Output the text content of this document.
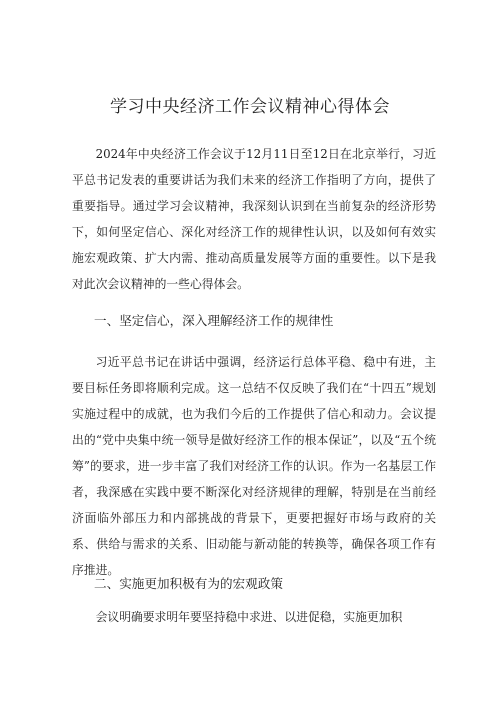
学习中央经济工作会议精神心得体会
2024年中央经济工作会议于12月11日至12日在北京举行，习近平总书记发表的重要讲话为我们未来的经济工作指明了方向，提供了重要指导。通过学习会议精神，我深刻认识到在当前复杂的经济形势下，如何坚定信心、深化对经济工作的规律性认识，以及如何有效实施宏观政策、扩大内需、推动高质量发展等方面的重要性。以下是我对此次会议精神的一些心得体会。
一、坚定信心，深入理解经济工作的规律性
习近平总书记在讲话中强调，经济运行总体平稳、稳中有进，主要目标任务即将顺利完成。这一总结不仅反映了我们在“十四五”规划实施过程中的成就，也为我们今后的工作提供了信心和动力。会议提出的“党中央集中统一领导是做好经济工作的根本保证”，以及“五个统筹”的要求，进一步丰富了我们对经济工作的认识。作为一名基层工作者，我深感在实践中要不断深化对经济规律的理解，特别是在当前经济面临外部压力和内部挑战的背景下，更要把握好市场与政府的关系、供给与需求的关系、旧动能与新动能的转换等，确保各项工作有序推进。
二、实施更加积极有为的宏观政策
会议明确要求明年要坚持稳中求进、以进促稳，实施更加积
